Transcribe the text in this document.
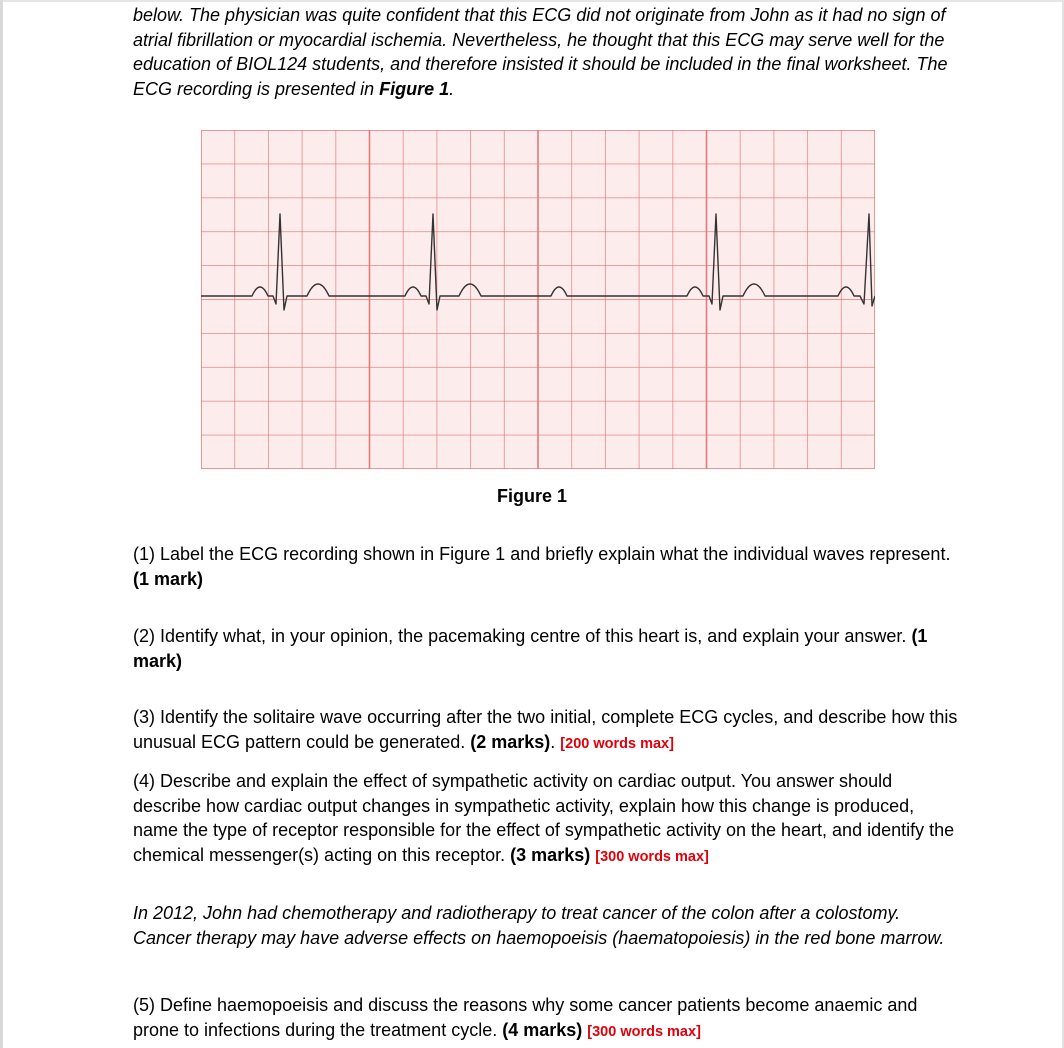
below. The physician was quite confident that this ECG did not originate from John as it had no sign of atrial fibrillation or myocardial ischemia. Nevertheless, he thought that this ECG may serve well for the education of BIOL124 students, and therefore insisted it should be included in the final worksheet. The ECG recording is presented in Figure 1.
Figure 1
(1) Label the ECG recording shown in Figure 1 and briefly explain what the individual waves represent. (1 mark)
(2) Identify what, in your opinion, the pacemaking centre of this heart is, and explain your answer. (1 mark)
(3) Identify the solitaire wave occurring after the two initial, complete ECG cycles, and describe how this unusual ECG pattern could be generated. (2 marks). [200 words max]
(4) Describe and explain the effect of sympathetic activity on cardiac output. You answer should describe how cardiac output changes in sympathetic activity, explain how this change is produced, name the type of receptor responsible for the effect of sympathetic activity on the heart, and identify the chemical messenger(s) acting on this receptor. (3 marks) [300 words max]
In 2012, John had chemotherapy and radiotherapy to treat cancer of the colon after a colostomy. Cancer therapy may have adverse effects on haemopoeisis (haematopoiesis) in the red bone marrow.
(5) Define haemopoeisis and discuss the reasons why some cancer patients become anaemic and prone to infections during the treatment cycle. (4 marks) [300 words max]
